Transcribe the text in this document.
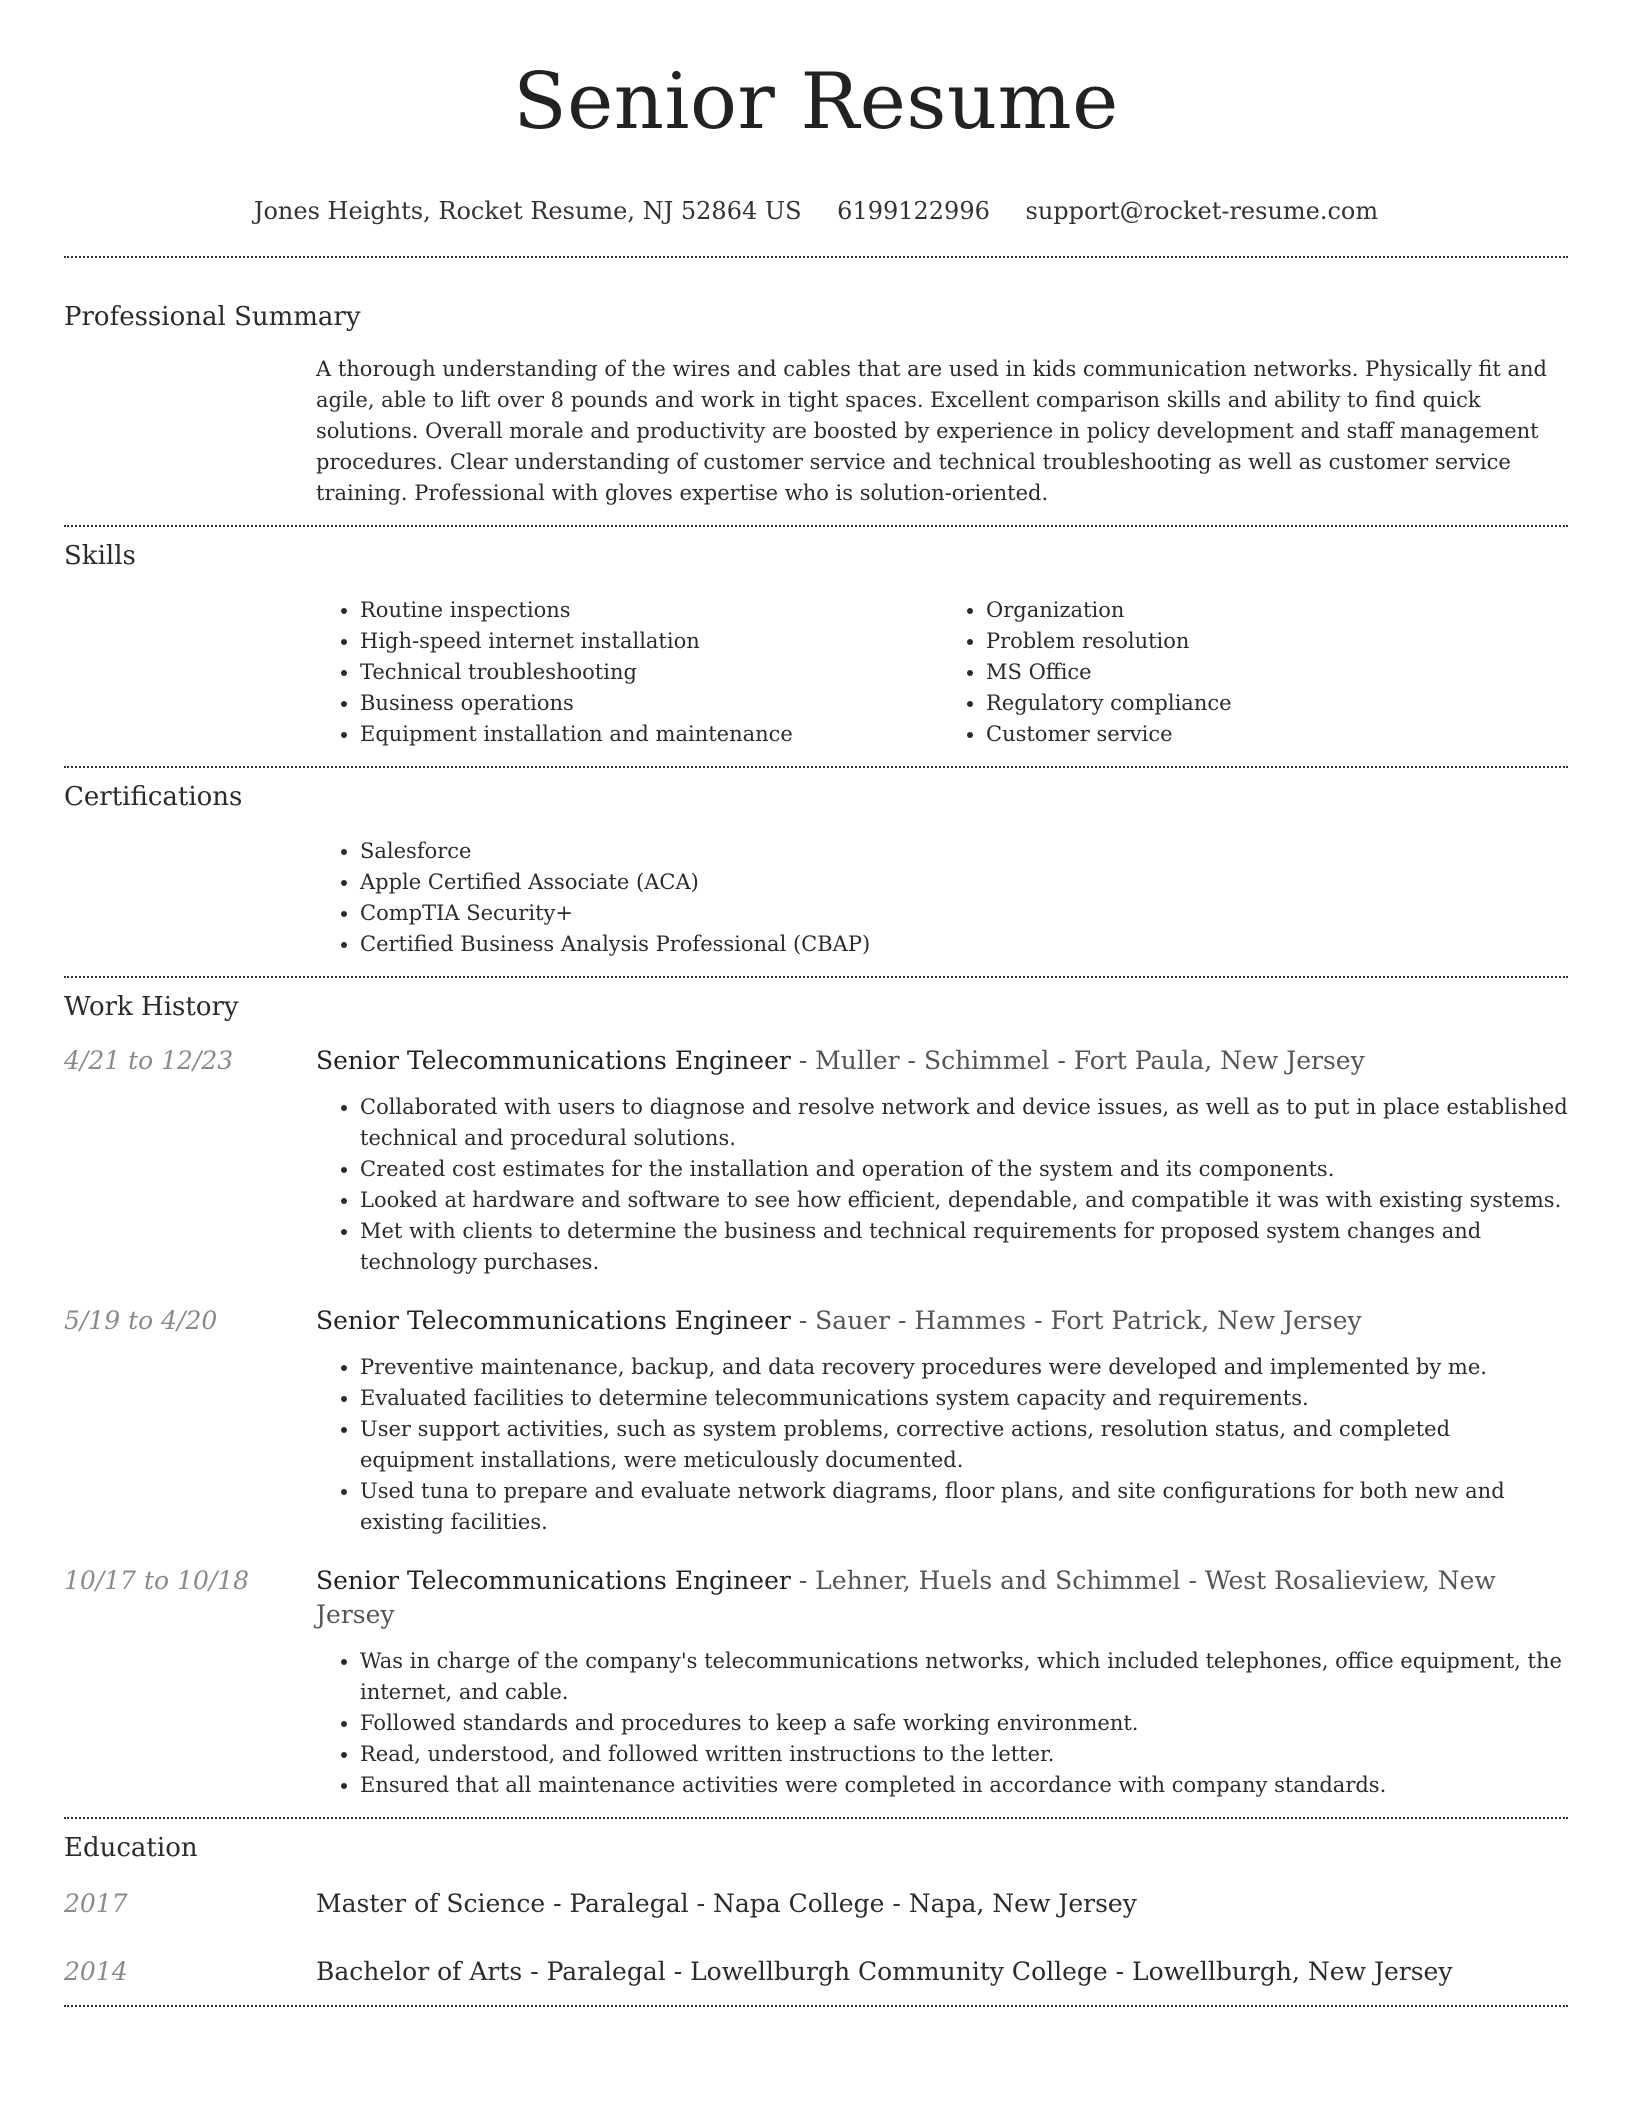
Senior Resume
Jones Heights, Rocket Resume, NJ 52864 US 6199122996 support@rocket-resume.com
Professional Summary
A thorough understanding of the wires and cables that are used in kids communication networks. Physically fit and agile, able to lift over 8 pounds and work in tight spaces. Excellent comparison skills and ability to find quick solutions. Overall morale and productivity are boosted by experience in policy development and staff management procedures. Clear understanding of customer service and technical troubleshooting as well as customer service training. Professional with gloves expertise who is solution-oriented.
Skills
• Routine inspections
• High-speed internet installation
• Technical troubleshooting
• Business operations
• Equipment installation and maintenance
• Organization
• Problem resolution
• MS Office
• Regulatory compliance
• Customer service
Certifications
• Salesforce
• Apple Certified Associate (ACA)
• CompTIA Security+
• Certified Business Analysis Professional (CBAP)
Work History
4/21 to 12/23	Senior Telecommunications Engineer - Muller - Schimmel - Fort Paula, New Jersey
• Collaborated with users to diagnose and resolve network and device issues, as well as to put in place established technical and procedural solutions.
• Created cost estimates for the installation and operation of the system and its components.
• Looked at hardware and software to see how efficient, dependable, and compatible it was with existing systems.
• Met with clients to determine the business and technical requirements for proposed system changes and technology purchases.
5/19 to 4/20	Senior Telecommunications Engineer - Sauer - Hammes - Fort Patrick, New Jersey
• Preventive maintenance, backup, and data recovery procedures were developed and implemented by me.
• Evaluated facilities to determine telecommunications system capacity and requirements.
• User support activities, such as system problems, corrective actions, resolution status, and completed equipment installations, were meticulously documented.
• Used tuna to prepare and evaluate network diagrams, floor plans, and site configurations for both new and existing facilities.
10/17 to 10/18	Senior Telecommunications Engineer - Lehner, Huels and Schimmel - West Rosalieview, New Jersey
• Was in charge of the company's telecommunications networks, which included telephones, office equipment, the internet, and cable.
• Followed standards and procedures to keep a safe working environment.
• Read, understood, and followed written instructions to the letter.
• Ensured that all maintenance activities were completed in accordance with company standards.
Education
2017	Master of Science - Paralegal - Napa College - Napa, New Jersey
2014	Bachelor of Arts - Paralegal - Lowellburgh Community College - Lowellburgh, New Jersey
